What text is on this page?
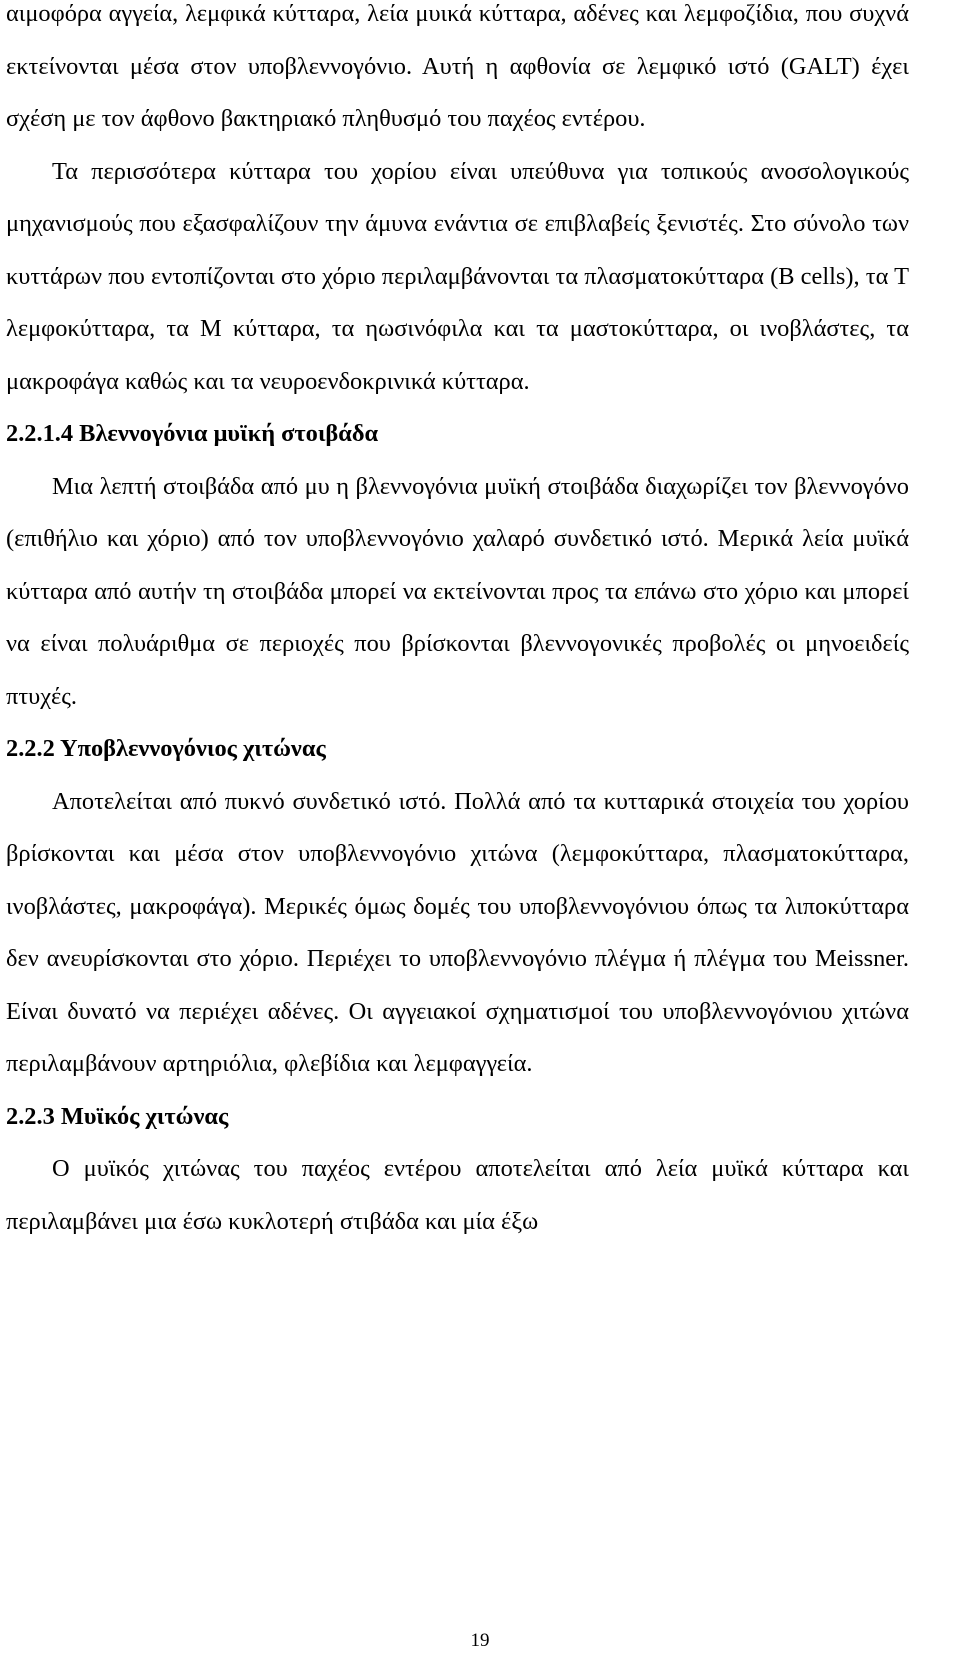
αιμοφόρα αγγεία, λεμφικά κύτταρα, λεία μυικά κύτταρα, αδένες και λεμφοζίδια, που συχνά εκτείνονται μέσα στον υποβλεννογόνιο. Αυτή η αφθονία σε λεμφικό ιστό (GALT) έχει σχέση με τον άφθονο βακτηριακό πληθυσμό του παχέος εντέρου.

Τα περισσότερα κύτταρα του χορίου είναι υπεύθυνα για τοπικούς ανοσολογικούς μηχανισμούς που εξασφαλίζουν την άμυνα ενάντια σε επιβλαβείς ξενιστές. Στο σύνολο των κυττάρων που εντοπίζονται στο χόριο περιλαμβάνονται τα πλασματοκύτταρα (B cells), τα Τ λεμφοκύτταρα, τα Μ κύτταρα, τα ηωσινόφιλα και τα μαστοκύτταρα, οι ινοβλάστες, τα μακροφάγα καθώς και τα νευροενδοκρινικά κύτταρα.

2.2.1.4 Βλεννογόνια μυϊκή στοιβάδα

Μια λεπτή στοιβάδα από μυ η βλεννογόνια μυϊκή στοιβάδα διαχωρίζει τον βλεννογόνο (επιθήλιο και χόριο) από τον υποβλεννογόνιο χαλαρό συνδετικό ιστό. Μερικά λεία μυϊκά κύτταρα από αυτήν τη στοιβάδα μπορεί να εκτείνονται προς τα επάνω στο χόριο και μπορεί να είναι πολυάριθμα σε περιοχές που βρίσκονται βλεννογονικές προβολές οι μηνοειδείς πτυχές.

2.2.2 Υποβλεννογόνιος χιτώνας

Αποτελείται από πυκνό συνδετικό ιστό. Πολλά από τα κυτταρικά στοιχεία του χορίου βρίσκονται και μέσα στον υποβλεννογόνιο χιτώνα (λεμφοκύτταρα, πλασματοκύτταρα, ινοβλάστες, μακροφάγα). Μερικές όμως δομές του υποβλεννογόνιου όπως τα λιποκύτταρα δεν ανευρίσκονται στο χόριο. Περιέχει το υποβλεννογόνιο πλέγμα ή πλέγμα του Meissner. Είναι δυνατό να περιέχει αδένες. Οι αγγειακοί σχηματισμοί του υποβλεννογόνιου χιτώνα περιλαμβάνουν αρτηριόλια, φλεβίδια και λεμφαγγεία.

2.2.3 Μυϊκός χιτώνας

Ο μυϊκός χιτώνας του παχέος εντέρου αποτελείται από λεία μυϊκά κύτταρα και περιλαμβάνει μια έσω κυκλοτερή στιβάδα και μία έξω

19
